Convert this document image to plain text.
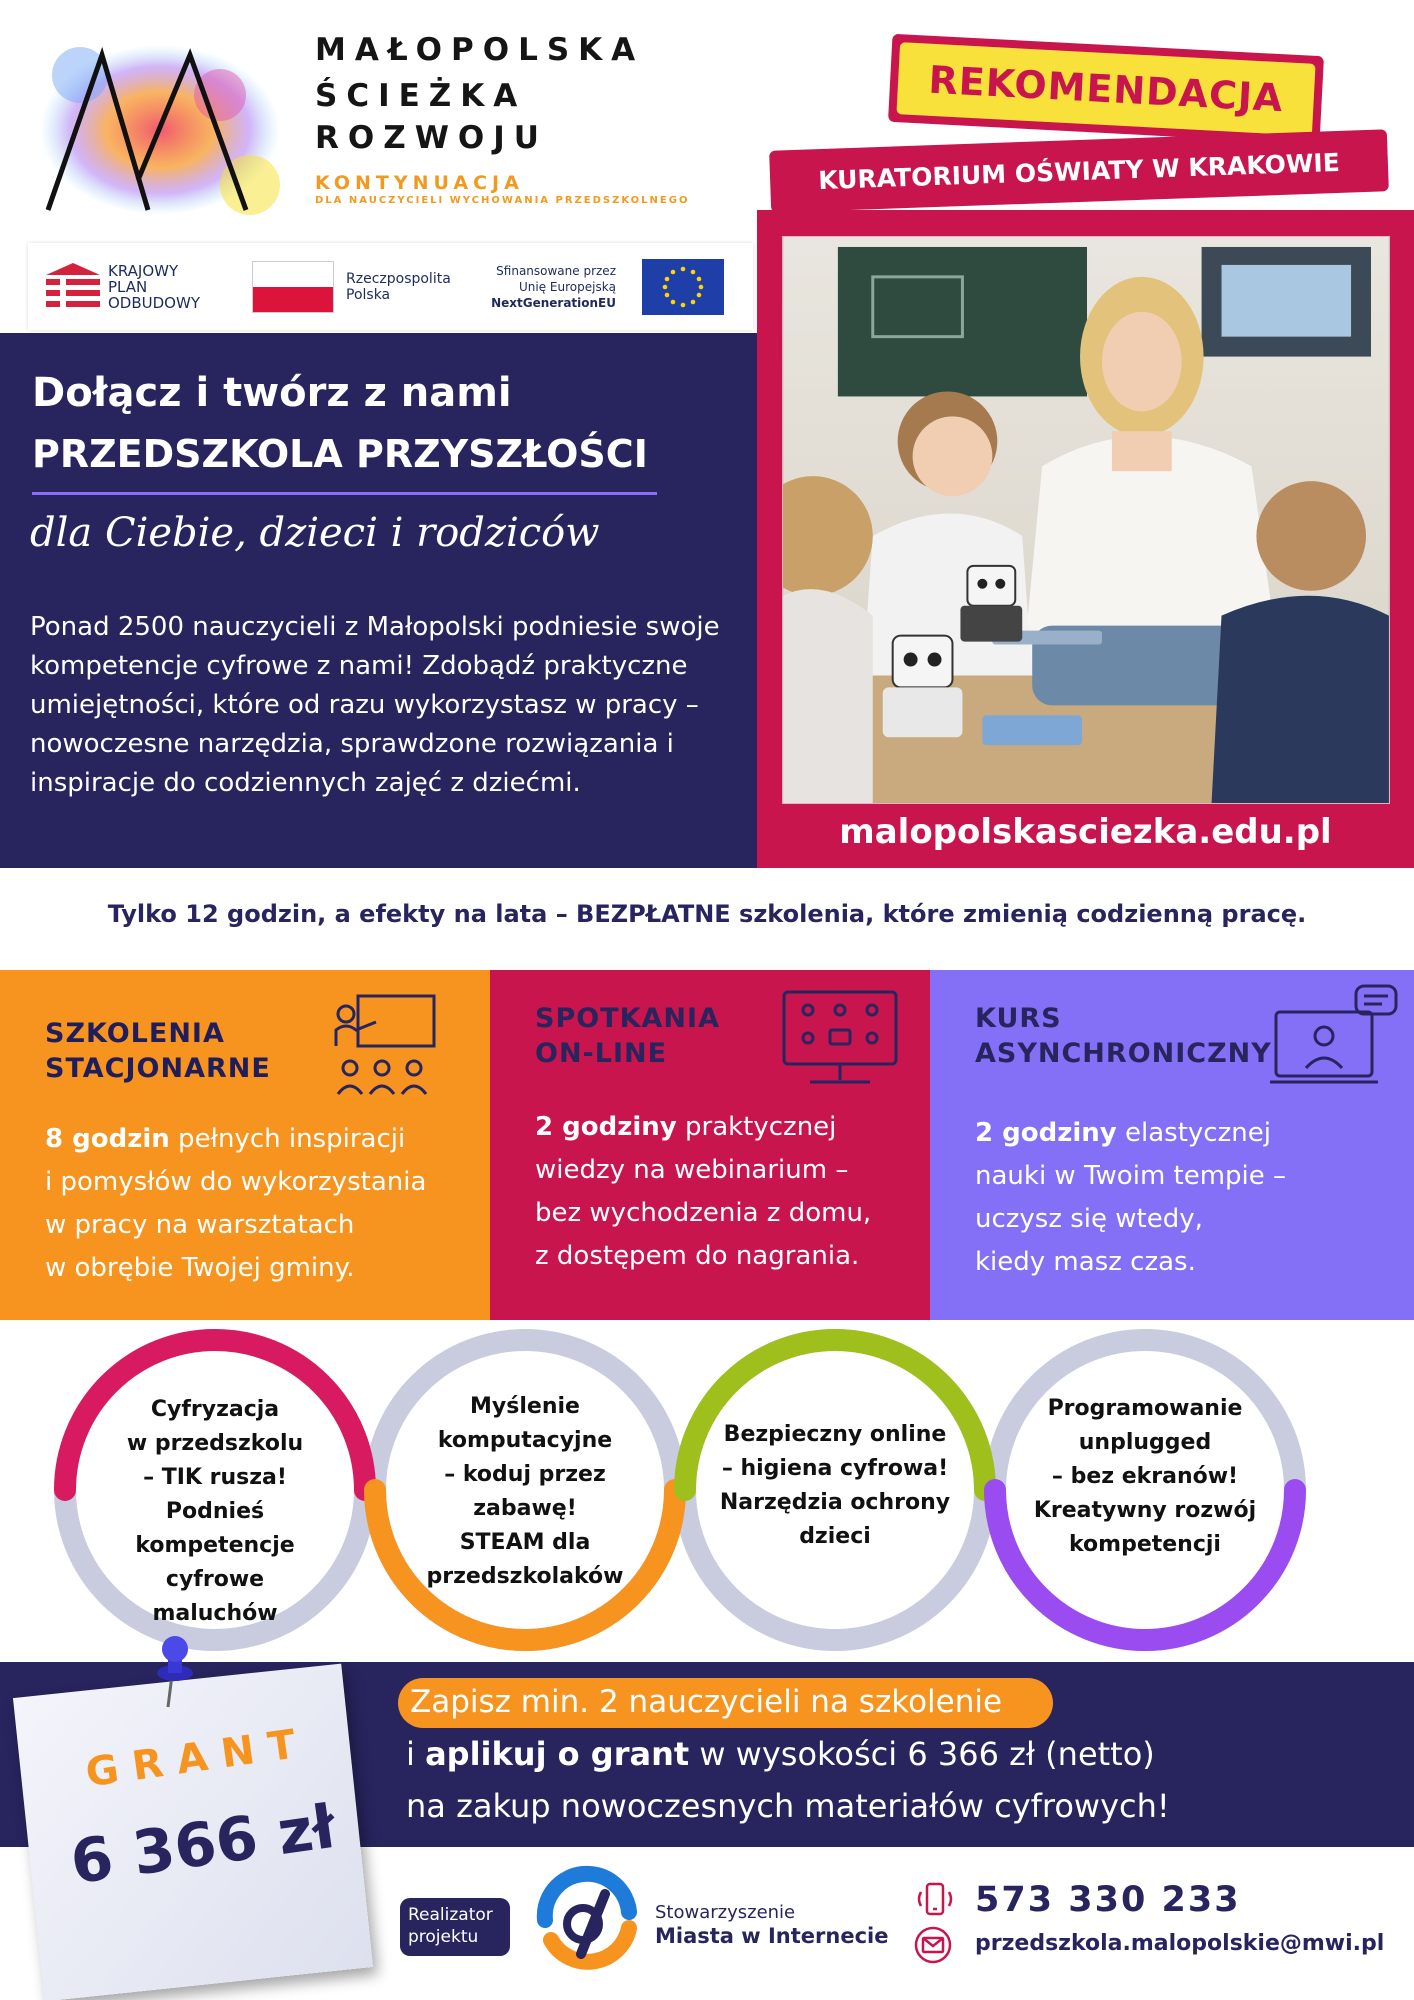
MAŁOPOLSKA
ŚCIEŻKA
ROZWOJU
KONTYNUACJA
DLA NAUCZYCIELI WYCHOWANIA PRZEDSZKOLNEGO
REKOMENDACJA
KURATORIUM OŚWIATY W KRAKOWIE
KRAJOWY
PLAN
ODBUDOWY
Rzeczpospolita
Polska
Sfinansowane przez
Unię Europejską
NextGenerationEU
Dołącz i twórz z nami
PRZEDSZKOLA PRZYSZŁOŚCI
dla Ciebie, dzieci i rodziców
Ponad 2500 nauczycieli z Małopolski podniesie swoje kompetencje cyfrowe z nami! Zdobądź praktyczne umiejętności, które od razu wykorzystasz w pracy – nowoczesne narzędzia, sprawdzone rozwiązania i inspiracje do codziennych zajęć z dziećmi.
malopolskasciezka.edu.pl
Tylko 12 godzin, a efekty na lata – BEZPŁATNE szkolenia, które zmienią codzienną pracę.
SZKOLENIA
STACJONARNE
8 godzin pełnych inspiracji
i pomysłów do wykorzystania
w pracy na warsztatach
w obrębie Twojej gminy.
SPOTKANIA
ON-LINE
2 godziny praktycznej
wiedzy na webinarium –
bez wychodzenia z domu,
z dostępem do nagrania.
KURS
ASYNCHRONICZNY
2 godziny elastycznej
nauki w Twoim tempie –
uczysz się wtedy,
kiedy masz czas.
Cyfryzacja
w przedszkolu
– TIK rusza! Podnieś
kompetencje cyfrowe
maluchów
Myślenie
komputacyjne
– koduj przez zabawę!
STEAM dla
przedszkolaków
Bezpieczny online
– higiena cyfrowa!
Narzędzia ochrony
dzieci
Programowanie
unplugged
– bez ekranów!
Kreatywny rozwój
kompetencji
GRANT
6 366 zł
Zapisz min. 2 nauczycieli na szkolenie
i aplikuj o grant w wysokości 6 366 zł (netto)
na zakup nowoczesnych materiałów cyfrowych!
Realizator
projektu
Stowarzyszenie
Miasta w Internecie
573 330 233
przedszkola.malopolskie@mwi.pl
